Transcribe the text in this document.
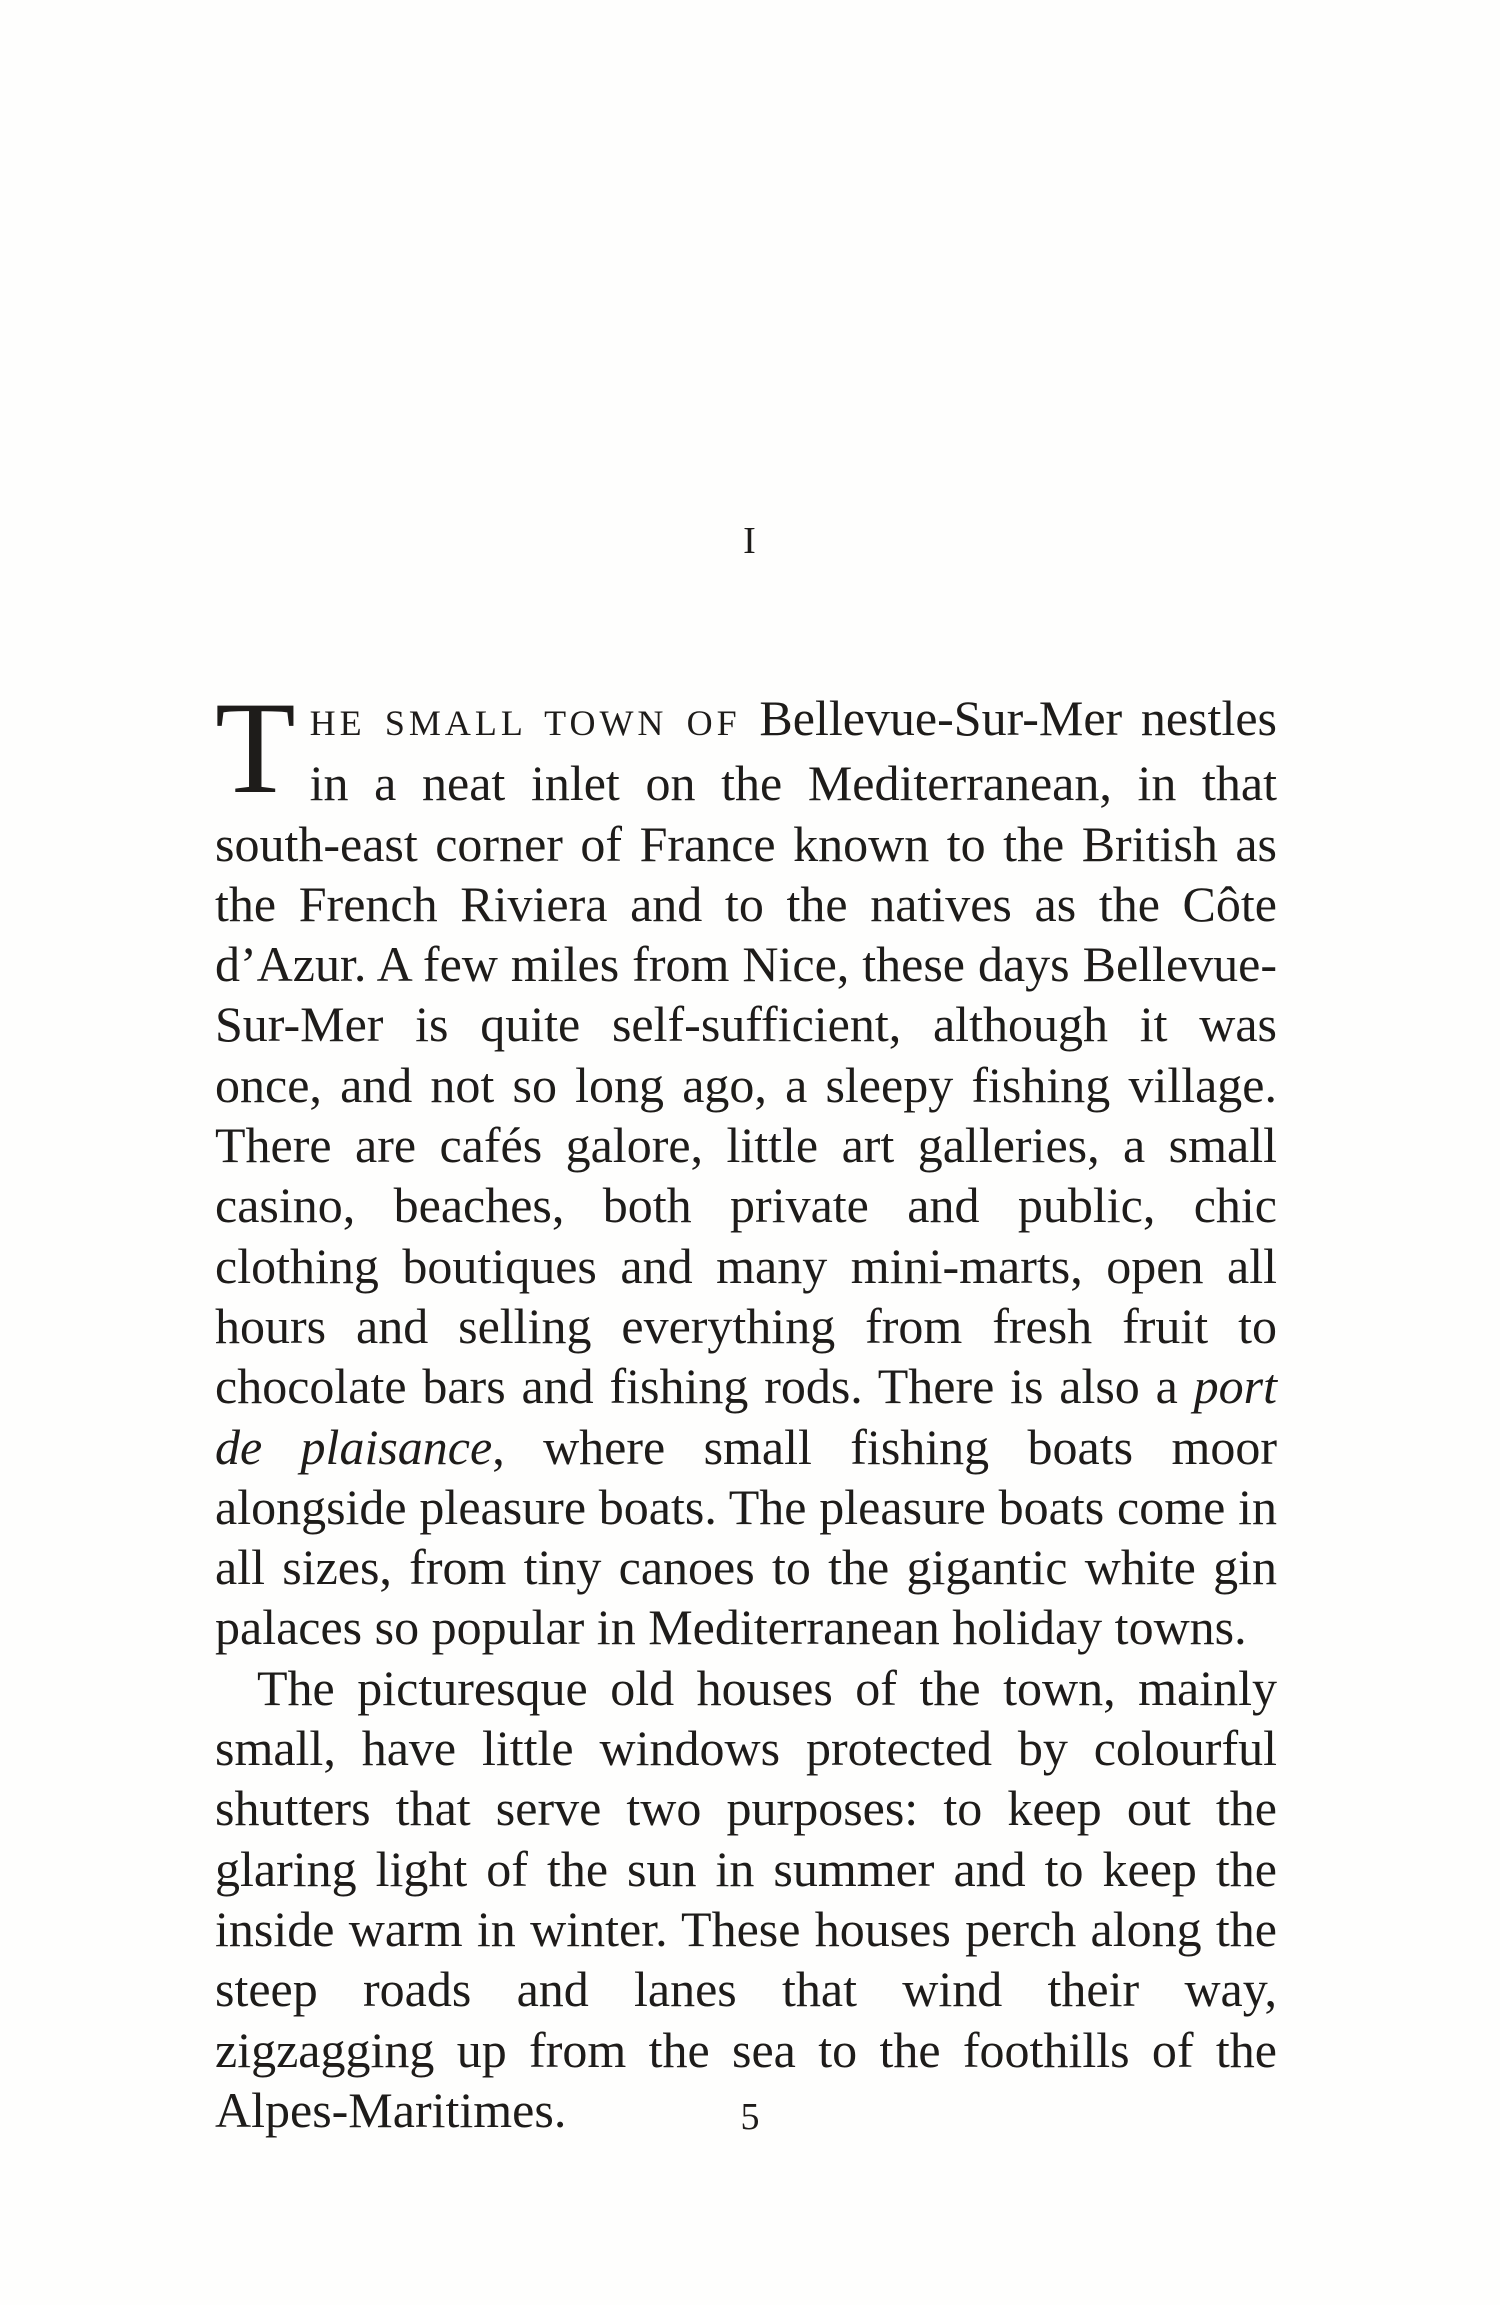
I

THE SMALL TOWN OF Bellevue-Sur-Mer nestles in a neat inlet on the Mediterranean, in that south-east corner of France known to the British as the French Riviera and to the natives as the Côte d’Azur. A few miles from Nice, these days Bellevue-Sur-Mer is quite self-sufficient, although it was once, and not so long ago, a sleepy fishing village. There are cafés galore, little art galleries, a small casino, beaches, both private and public, chic clothing boutiques and many mini-marts, open all hours and selling everything from fresh fruit to chocolate bars and fishing rods. There is also a port de plaisance, where small fishing boats moor alongside pleasure boats. The pleasure boats come in all sizes, from tiny canoes to the gigantic white gin palaces so popular in Mediterranean holiday towns.

The picturesque old houses of the town, mainly small, have little windows protected by colourful shutters that serve two purposes: to keep out the glaring light of the sun in summer and to keep the inside warm in winter. These houses perch along the steep roads and lanes that wind their way, zigzagging up from the sea to the foothills of the Alpes-Maritimes.	5
